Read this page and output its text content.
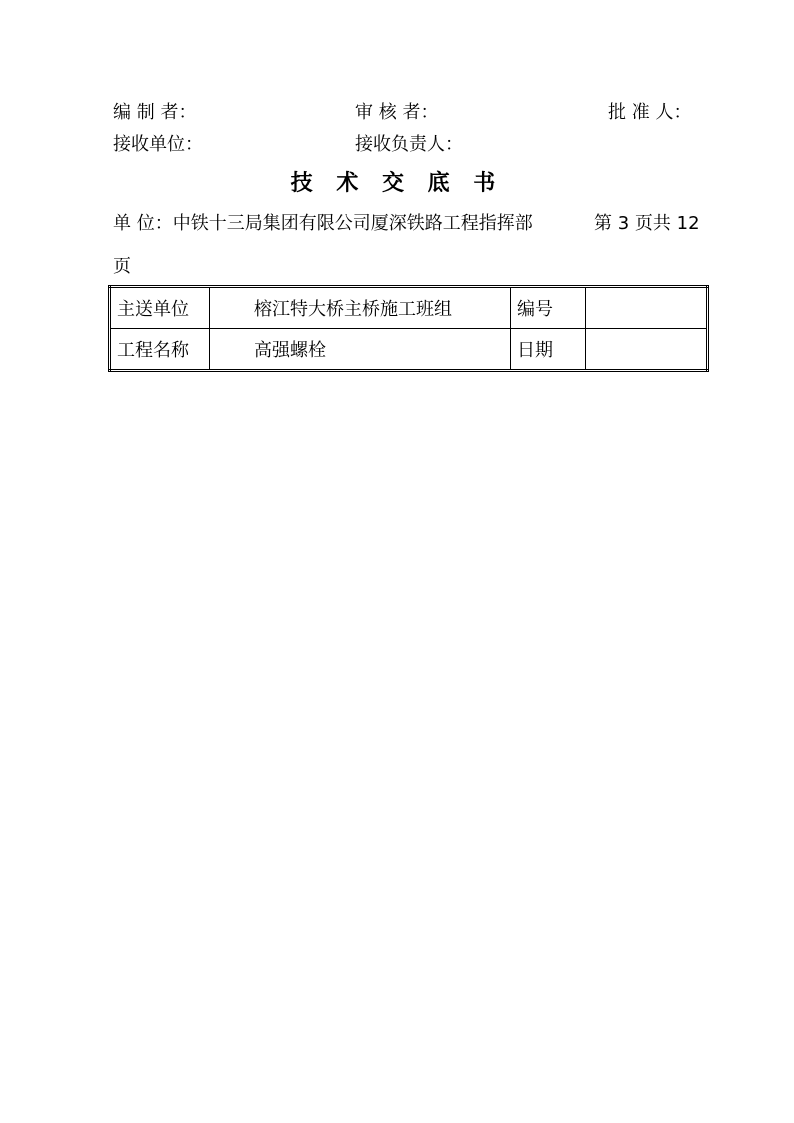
编 制 者：	审 核 者：	批 准 人：
接收单位：	接收负责人：
技 术 交 底 书
单 位：中铁十三局集团有限公司厦深铁路工程指挥部	第 3 页共 12
页
主送单位	榕江特大桥主桥施工班组	编号	
工程名称	高强螺栓	日期	
